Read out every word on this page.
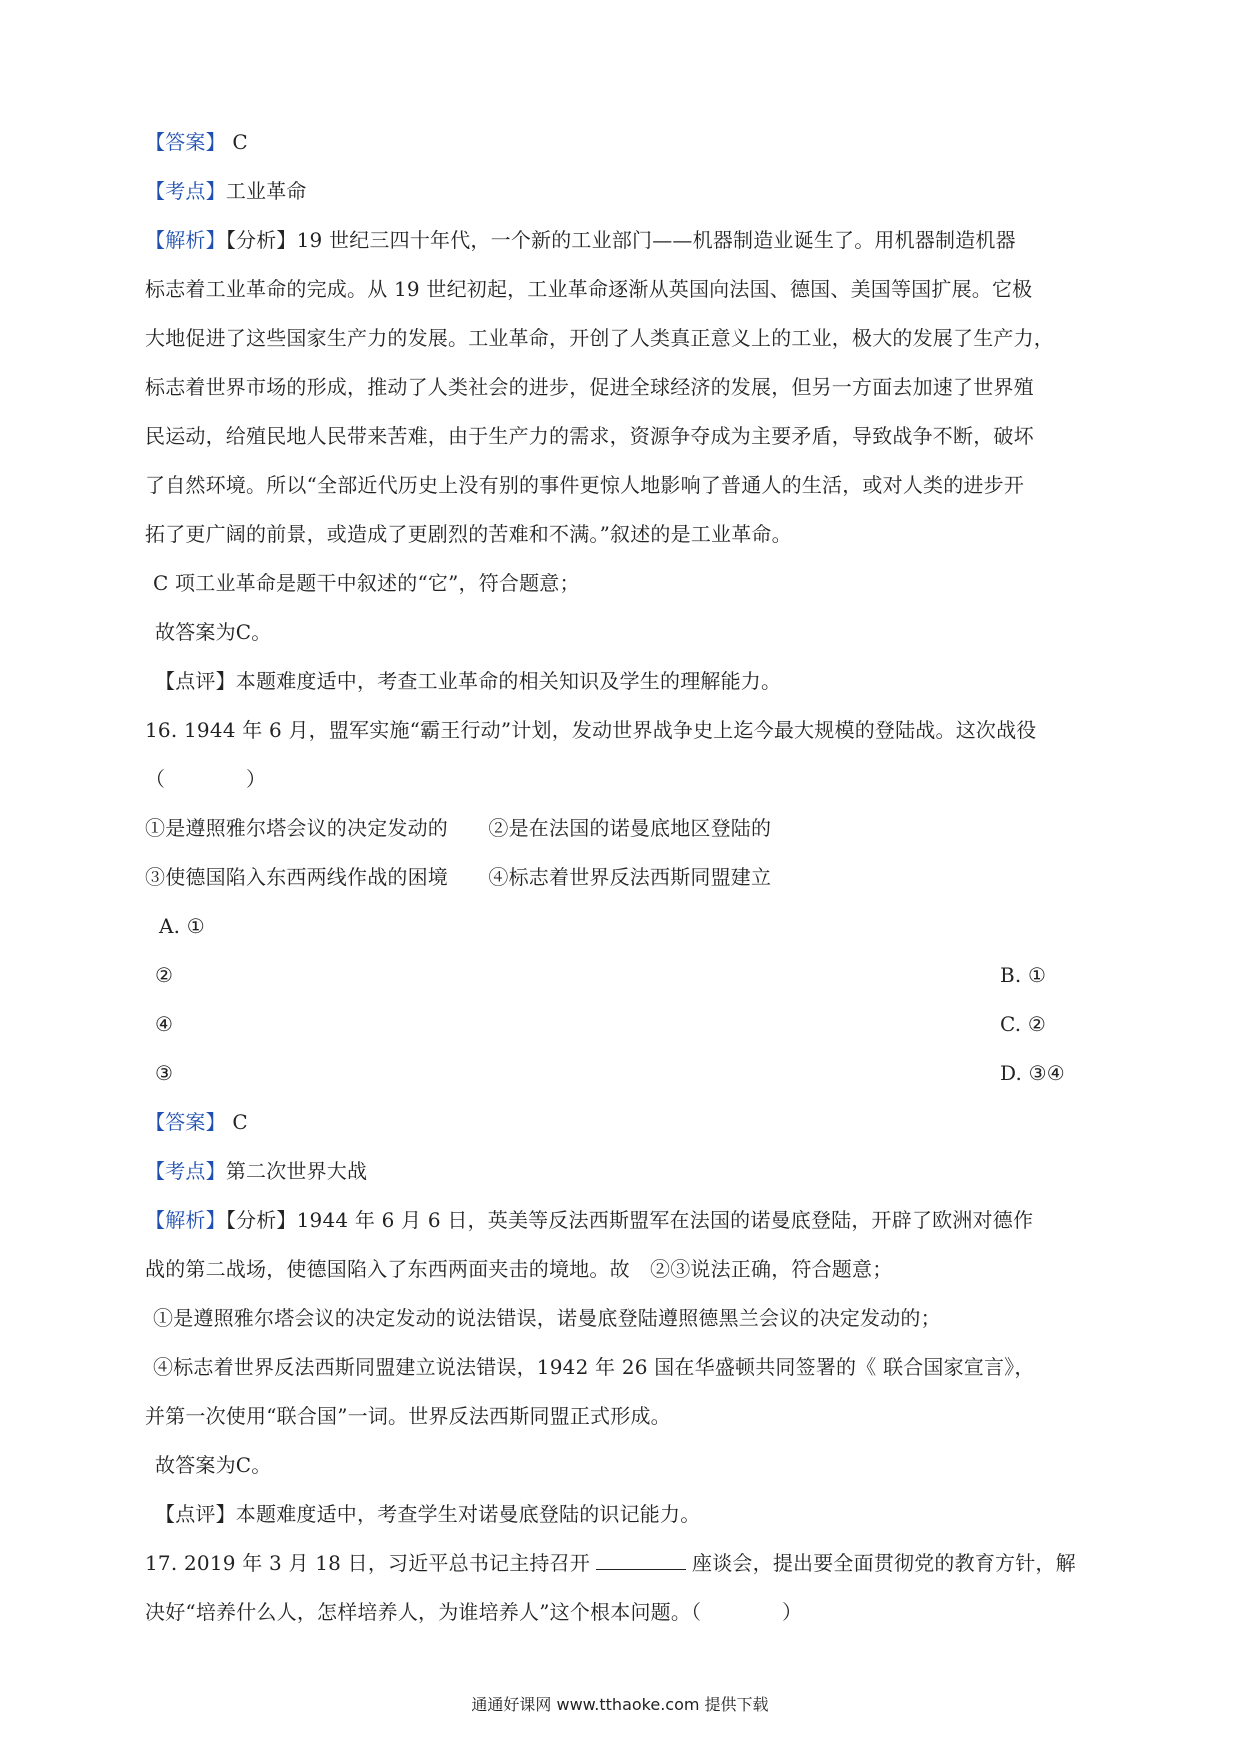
【答案】 C
【考点】工业革命
【解析】【分析】19 世纪三四十年代，一个新的工业部门——机器制造业诞生了。用机器制造机器
标志着工业革命的完成。从 19 世纪初起，工业革命逐渐从英国向法国、德国、美国等国扩展。它极
大地促进了这些国家生产力的发展。工业革命，开创了人类真正意义上的工业，极大的发展了生产力，
标志着世界市场的形成，推动了人类社会的进步，促进全球经济的发展，但另一方面去加速了世界殖
民运动，给殖民地人民带来苦难，由于生产力的需求，资源争夺成为主要矛盾，导致战争不断，破坏
了自然环境。所以“全部近代历史上没有别的事件更惊人地影响了普通人的生活，或对人类的进步开
拓了更广阔的前景，或造成了更剧烈的苦难和不满。”叙述的是工业革命。
C 项工业革命是题干中叙述的“它”，符合题意；
故答案为C。
【点评】本题难度适中，考查工业革命的相关知识及学生的理解能力。
16. 1944 年 6 月，盟军实施“霸王行动”计划，发动世界战争史上迄今最大规模的登陆战。这次战役
（　　　　）
①是遵照雅尔塔会议的决定发动的　　②是在法国的诺曼底地区登陆的
③使德国陷入东西两线作战的困境　　④标志着世界反法西斯同盟建立
A. ①
②	B. ①
④	C. ②
③	D. ③④
【答案】 C
【考点】第二次世界大战
【解析】【分析】1944 年 6 月 6 日，英美等反法西斯盟军在法国的诺曼底登陆，开辟了欧洲对德作
战的第二战场，使德国陷入了东西两面夹击的境地。故　②③说法正确，符合题意；
①是遵照雅尔塔会议的决定发动的说法错误，诺曼底登陆遵照德黑兰会议的决定发动的；
④标志着世界反法西斯同盟建立说法错误，1942 年 26 国在华盛顿共同签署的《 联合国家宣言》，
并第一次使用“联合国”一词。世界反法西斯同盟正式形成。
故答案为C。
【点评】本题难度适中，考查学生对诺曼底登陆的识记能力。
17. 2019 年 3 月 18 日，习近平总书记主持召开	座谈会，提出要全面贯彻党的教育方针，解
决好“培养什么人，怎样培养人，为谁培养人”这个根本问题。（　　　　）
通通好课网 www.tthaoke.com 提供下载
